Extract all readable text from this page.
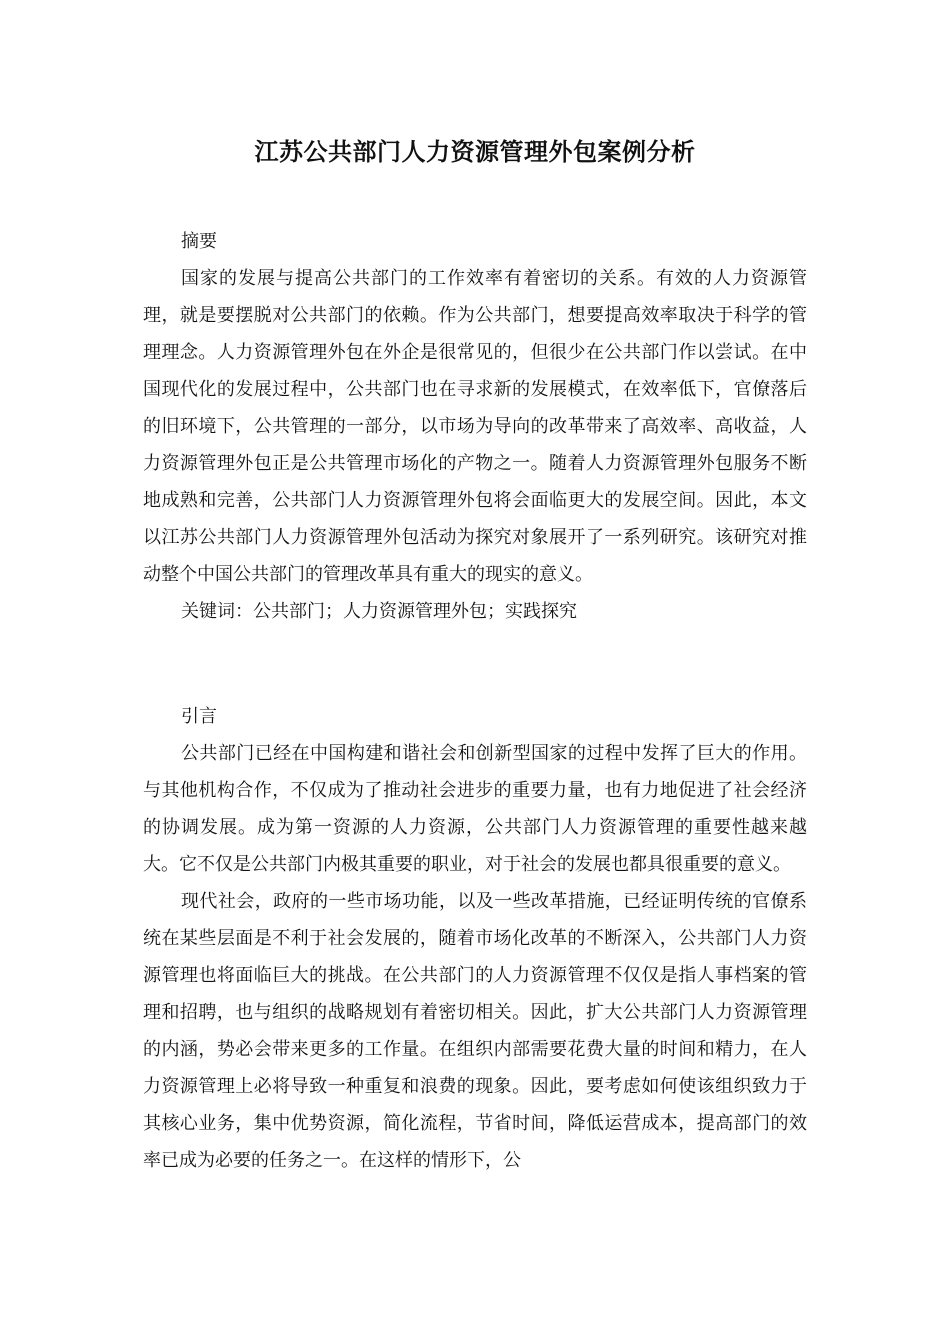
江苏公共部门人力资源管理外包案例分析

摘要

国家的发展与提高公共部门的工作效率有着密切的关系。有效的人力资源管理，就是要摆脱对公共部门的依赖。作为公共部门，想要提高效率取决于科学的管理理念。人力资源管理外包在外企是很常见的，但很少在公共部门作以尝试。在中国现代化的发展过程中，公共部门也在寻求新的发展模式，在效率低下，官僚落后的旧环境下，公共管理的一部分，以市场为导向的改革带来了高效率、高收益，人力资源管理外包正是公共管理市场化的产物之一。随着人力资源管理外包服务不断地成熟和完善，公共部门人力资源管理外包将会面临更大的发展空间。因此，本文以江苏公共部门人力资源管理外包活动为探究对象展开了一系列研究。该研究对推动整个中国公共部门的管理改革具有重大的现实的意义。

关键词：公共部门；人力资源管理外包；实践探究

引言

公共部门已经在中国构建和谐社会和创新型国家的过程中发挥了巨大的作用。与其他机构合作，不仅成为了推动社会进步的重要力量，也有力地促进了社会经济的协调发展。成为第一资源的人力资源，公共部门人力资源管理的重要性越来越大。它不仅是公共部门内极其重要的职业，对于社会的发展也都具很重要的意义。

现代社会，政府的一些市场功能，以及一些改革措施，已经证明传统的官僚系统在某些层面是不利于社会发展的，随着市场化改革的不断深入，公共部门人力资源管理也将面临巨大的挑战。在公共部门的人力资源管理不仅仅是指人事档案的管理和招聘，也与组织的战略规划有着密切相关。因此，扩大公共部门人力资源管理的内涵，势必会带来更多的工作量。在组织内部需要花费大量的时间和精力，在人力资源管理上必将导致一种重复和浪费的现象。因此，要考虑如何使该组织致力于其核心业务，集中优势资源，简化流程，节省时间，降低运营成本，提高部门的效率已成为必要的任务之一。在这样的情形下，公
